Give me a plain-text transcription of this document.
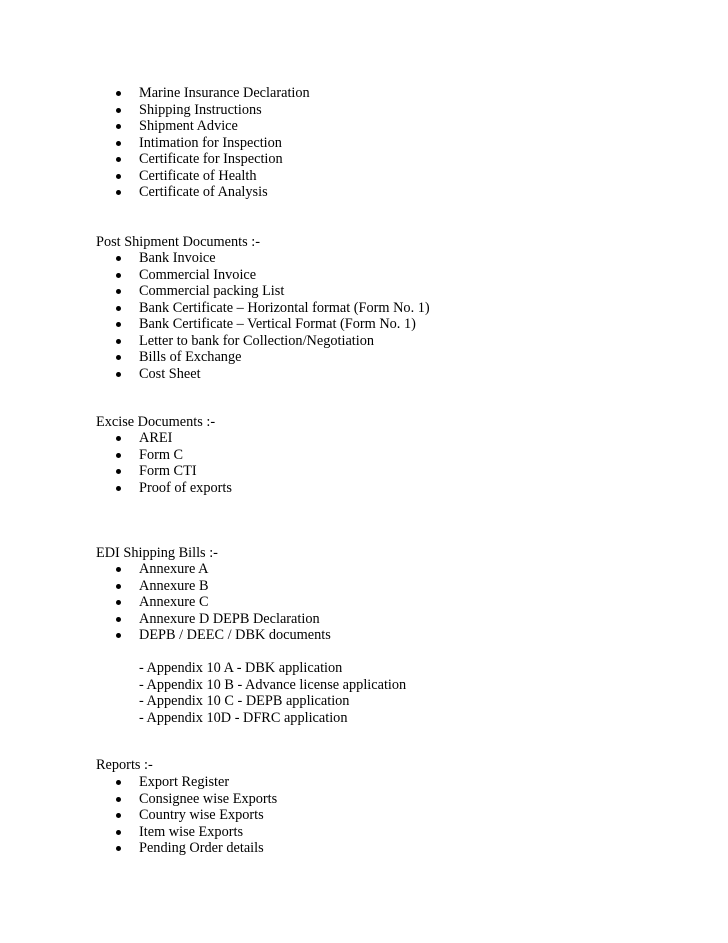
Marine Insurance Declaration
Shipping Instructions
Shipment Advice
Intimation for Inspection
Certificate for Inspection
Certificate of Health
Certificate of Analysis
Post Shipment Documents :-
Bank Invoice
Commercial Invoice
Commercial packing List
Bank Certificate – Horizontal format (Form No. 1)
Bank Certificate – Vertical Format (Form No. 1)
Letter to bank for Collection/Negotiation
Bills of Exchange
Cost Sheet
Excise Documents :-
AREI
Form C
Form CTI
Proof of exports
EDI Shipping Bills :-
Annexure A
Annexure B
Annexure C
Annexure D DEPB Declaration
DEPB / DEEC / DBK documents
- Appendix 10 A - DBK application
- Appendix 10 B - Advance license application
- Appendix 10 C - DEPB application
- Appendix 10D - DFRC application
Reports :-
Export Register
Consignee wise Exports
Country wise Exports
Item wise Exports
Pending Order details
